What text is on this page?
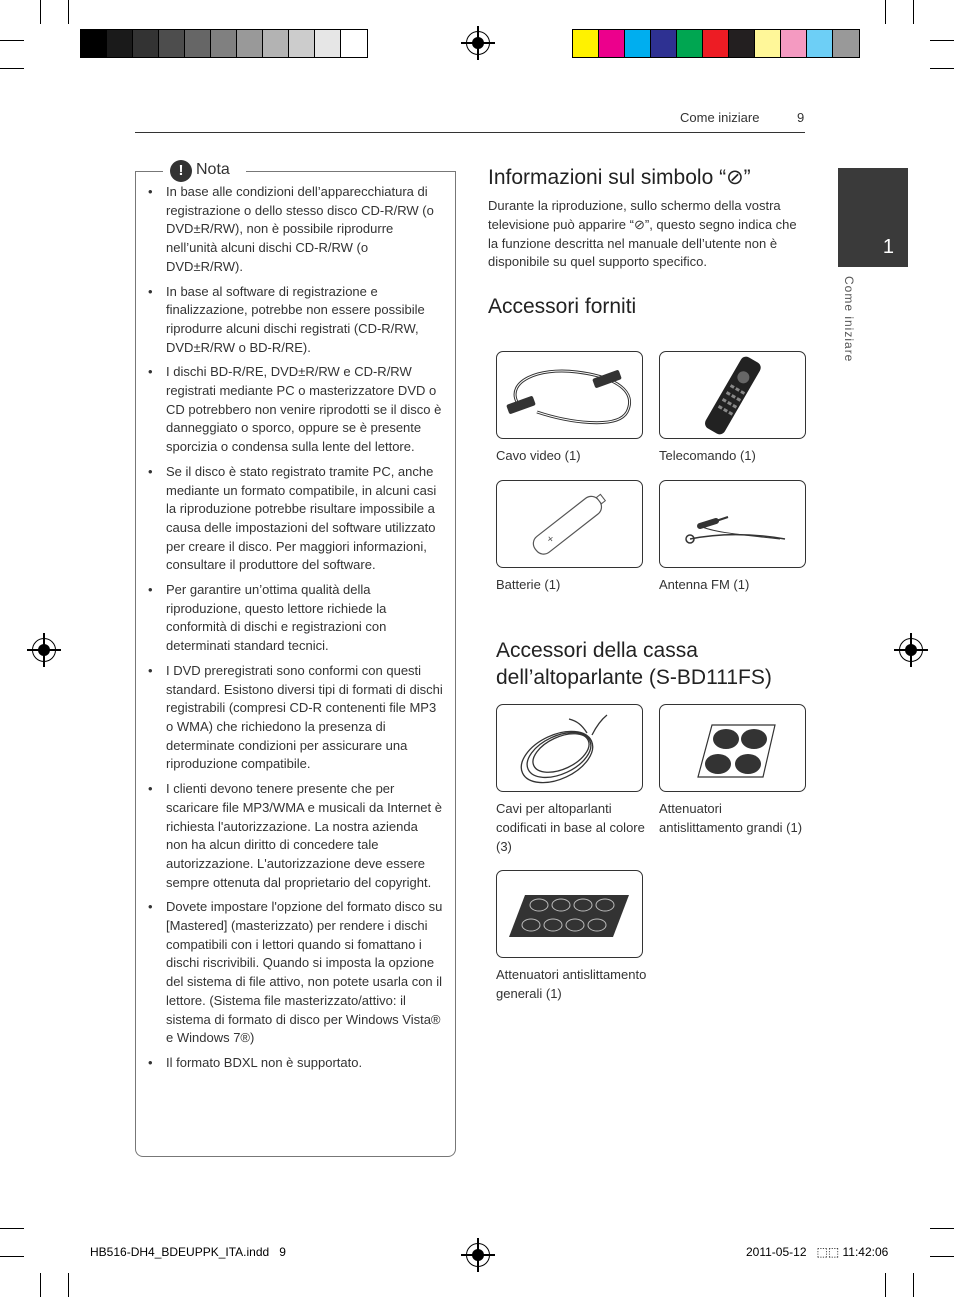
Come iniziare	9
1
Come iniziare
! Nota
• In base alle condizioni dell’apparecchiatura di registrazione o dello stesso disco CD-R/RW (o DVD±R/RW), non è possibile riprodurre nell’unità alcuni dischi CD-R/RW (o DVD±R/RW).
• In base al software di registrazione e finalizzazione, potrebbe non essere possibile riprodurre alcuni dischi registrati (CD-R/RW, DVD±R/RW o BD-R/RE).
• I dischi BD-R/RE, DVD±R/RW e CD-R/RW registrati mediante PC o masterizzatore DVD o CD potrebbero non venire riprodotti se il disco è danneggiato o sporco, oppure se è presente sporcizia o condensa sulla lente del lettore.
• Se il disco è stato registrato tramite PC, anche mediante un formato compatibile, in alcuni casi la riproduzione potrebbe risultare impossibile a causa delle impostazioni del software utilizzato per creare il disco. Per maggiori informazioni, consultare il produttore del software.
• Per garantire un’ottima qualità della riproduzione, questo lettore richiede la conformità di dischi e registrazioni con determinati standard tecnici.
• I DVD preregistrati sono conformi con questi standard. Esistono diversi tipi di formati di dischi registrabili (compresi CD-R contenenti file MP3 o WMA) che richiedono la presenza di determinate condizioni per assicurare una riproduzione compatibile.
• I clienti devono tenere presente che per scaricare file MP3/WMA e musicali da Internet è richiesta l'autorizzazione. La nostra azienda non ha alcun diritto di concedere tale autorizzazione. L'autorizzazione deve essere sempre ottenuta dal proprietario del copyright.
• Dovete impostare l'opzione del formato disco su [Mastered] (masterizzato) per rendere i dischi compatibili con i lettori quando si fomattano i dischi riscrivibili. Quando si imposta la opzione del sistema di file attivo, non potete usarla con il lettore. (Sistema file masterizzato/attivo: il sistema di formato di disco per Windows Vista® e Windows 7®)
• Il formato BDXL non è supportato.
Informazioni sul simbolo “⊘”

Durante la riproduzione, sullo schermo della vostra televisione può apparire “⊘”, questo segno indica che la funzione descritta nel manuale dell’utente non è disponibile su quel supporto specifico.

Accessori forniti
Cavo video (1)	Telecomando (1)
+
Batterie (1)	Antenna FM (1)
Accessori della cassa dell’altoparlante (S-BD111FS)
Cavi per altoparlanti codificati in base al colore (3)
Attenuatori antislittamento grandi (1)
Attenuatori antislittamento generali (1)
HB516-DH4_BDEUPPK_ITA.indd   9	2011-05-12   ⬚⬚ 11:42:06
